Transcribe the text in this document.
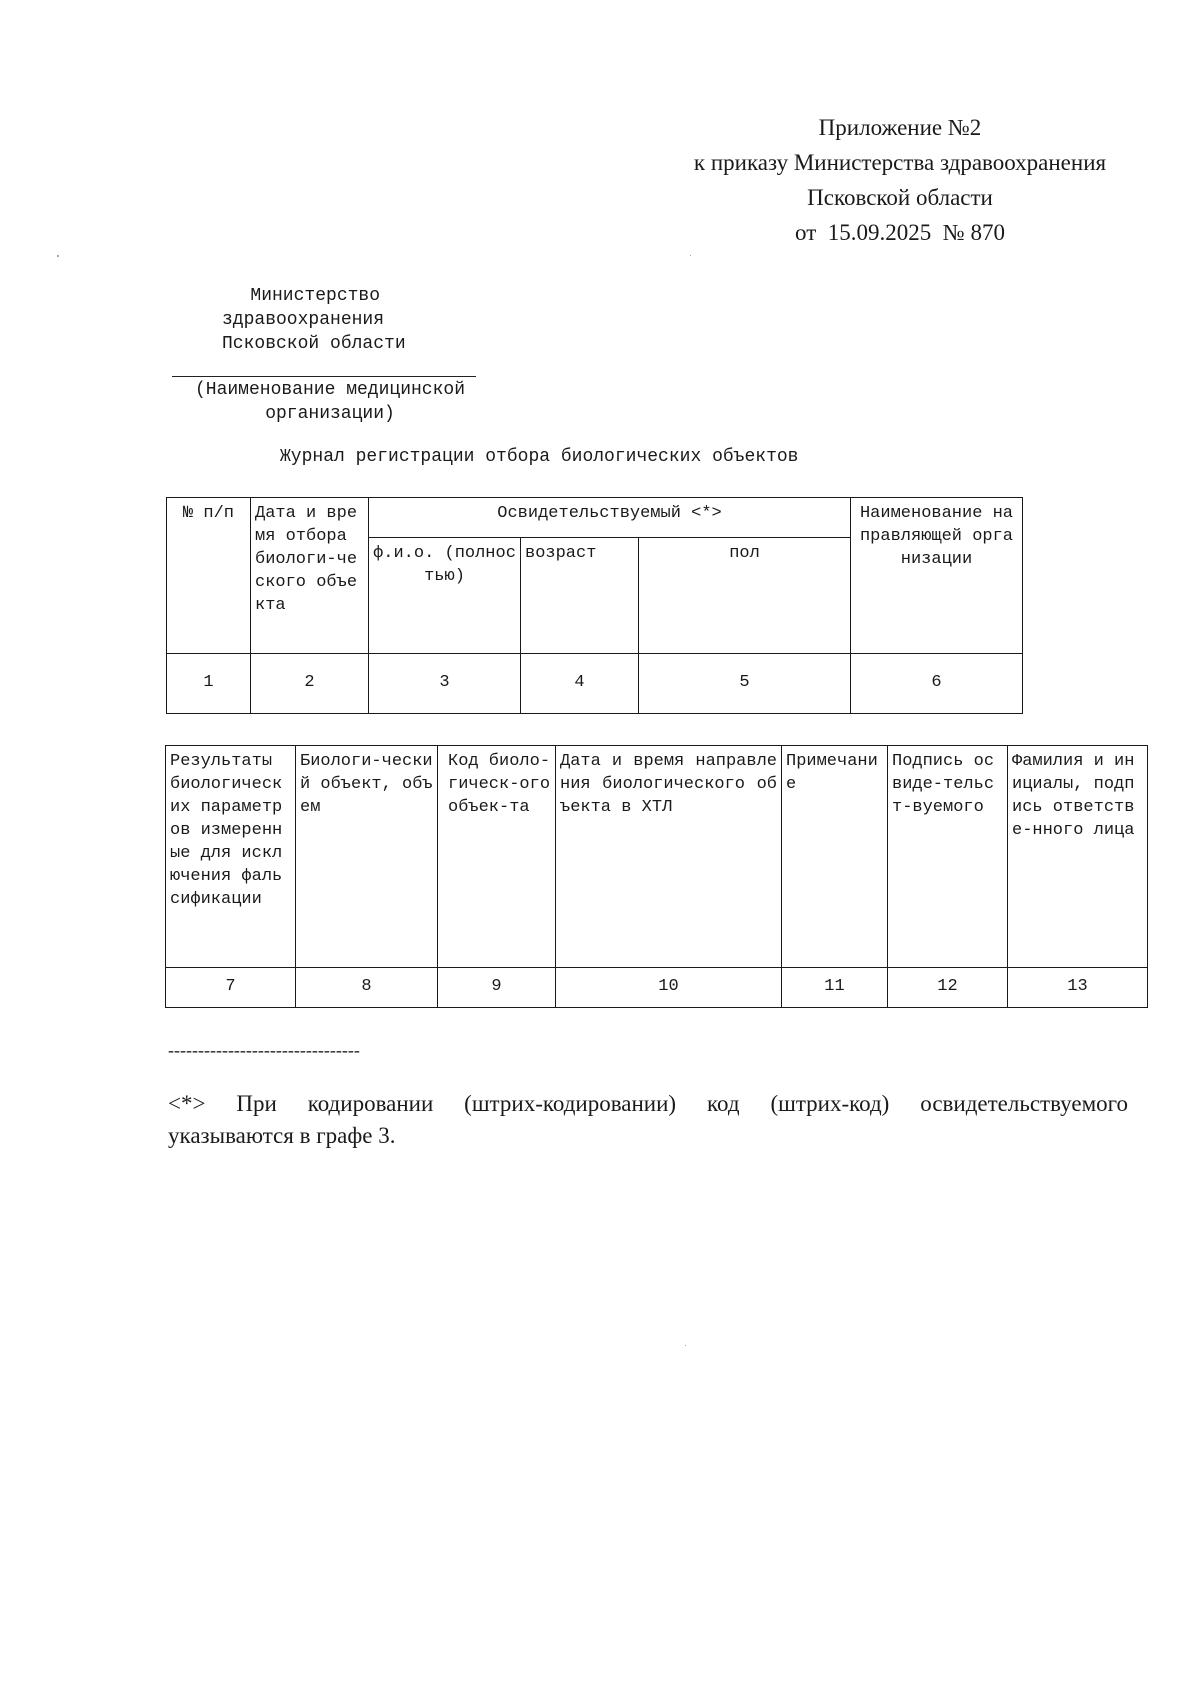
Приложение №2
к приказу Министерства здравоохранения
Псковской области
от  15.09.2025  № 870
Министерство
здравоохранения
Псковской области
(Наименование медицинской
организации)
Журнал регистрации отбора биологических объектов
№ п/п	Дата и время отбора биологи-ческого объекта	Освидетельствуемый <*>			Наименование направляющей организации
		ф.и.о. (полностью)	возраст	пол	
1	2	3	4	5	6
Результаты биологических параметров измеренные для исключения фальсификации	Биологи-ческий объект, объем	Код биоло-гическ-ого объек-та	Дата и время направления биологического объекта в ХТЛ	Примечание	Подпись освиде-тельст-вуемого	Фамилия и инициалы, подпись ответстве-нного лица
7	8	9	10	11	12	13
--------------------------------

<*> При кодировании (штрих-кодировании) код (штрих-код) освидетельствуемого

указываются в графе 3.
